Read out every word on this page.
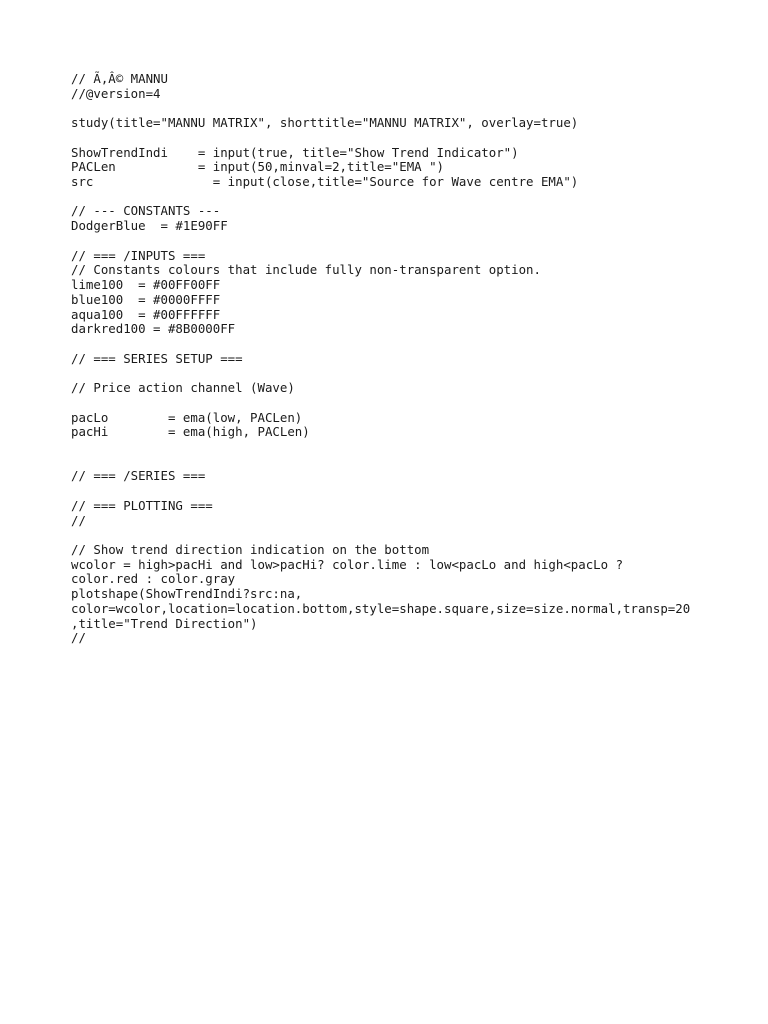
// Ã‚Â© MANNU
//@version=4
study(title="MANNU MATRIX", shorttitle="MANNU MATRIX", overlay=true)
ShowTrendIndi    = input(true, title="Show Trend Indicator")
PACLen           = input(50,minval=2,title="EMA ")
src                = input(close,title="Source for Wave centre EMA")
// --- CONSTANTS ---
DodgerBlue  = #1E90FF
// === /INPUTS ===
// Constants colours that include fully non-transparent option.
lime100  = #00FF00FF
blue100  = #0000FFFF
aqua100  = #00FFFFFF
darkred100 = #8B0000FF
// === SERIES SETUP ===
// Price action channel (Wave)
pacLo        = ema(low, PACLen)
pacHi        = ema(high, PACLen)
// === /SERIES ===
// === PLOTTING ===
//
// Show trend direction indication on the bottom
wcolor = high>pacHi and low>pacHi? color.lime : low<pacLo and high<pacLo ?
color.red : color.gray
plotshape(ShowTrendIndi?src:na,
color=wcolor,location=location.bottom,style=shape.square,size=size.normal,transp=20
,title="Trend Direction")
//
